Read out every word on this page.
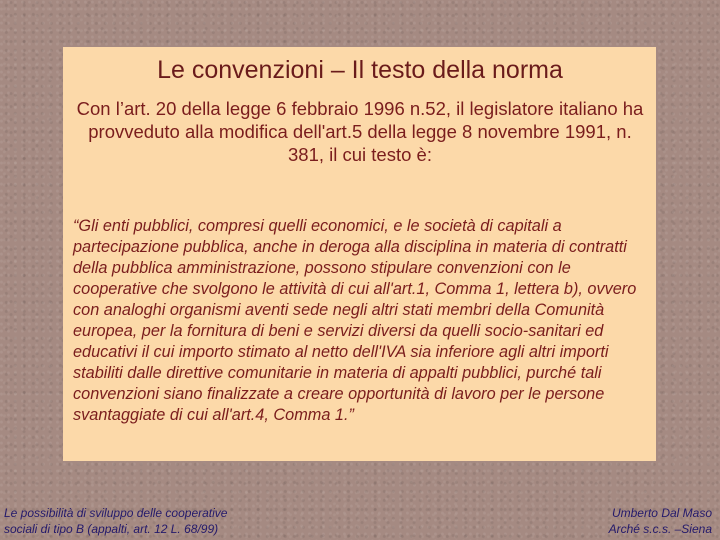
Le convenzioni – Il testo della norma
Con l’art. 20 della legge 6 febbraio 1996 n.52, il legislatore italiano ha provveduto alla modifica dell'art.5 della legge 8 novembre 1991, n. 381, il cui testo è:
“Gli enti pubblici, compresi quelli economici, e le società di capitali a partecipazione pubblica, anche in deroga alla disciplina in materia di contratti della pubblica amministrazione, possono stipulare convenzioni con le cooperative che svolgono le attività di cui all'art.1, Comma 1, lettera b), ovvero con analoghi organismi aventi sede negli altri stati membri della Comunità europea, per la fornitura di beni e servizi diversi da quelli socio-sanitari ed educativi il cui importo stimato al netto dell'IVA sia inferiore agli altri importi stabiliti dalle direttive comunitarie in materia di appalti pubblici, purché tali convenzioni siano finalizzate a creare opportunità di lavoro per le persone svantaggiate di cui all'art.4, Comma 1.”
Le possibilità di sviluppo delle cooperative
sociali di tipo B (appalti, art. 12 L. 68/99)
Umberto Dal Maso
Arché s.c.s. –Siena
